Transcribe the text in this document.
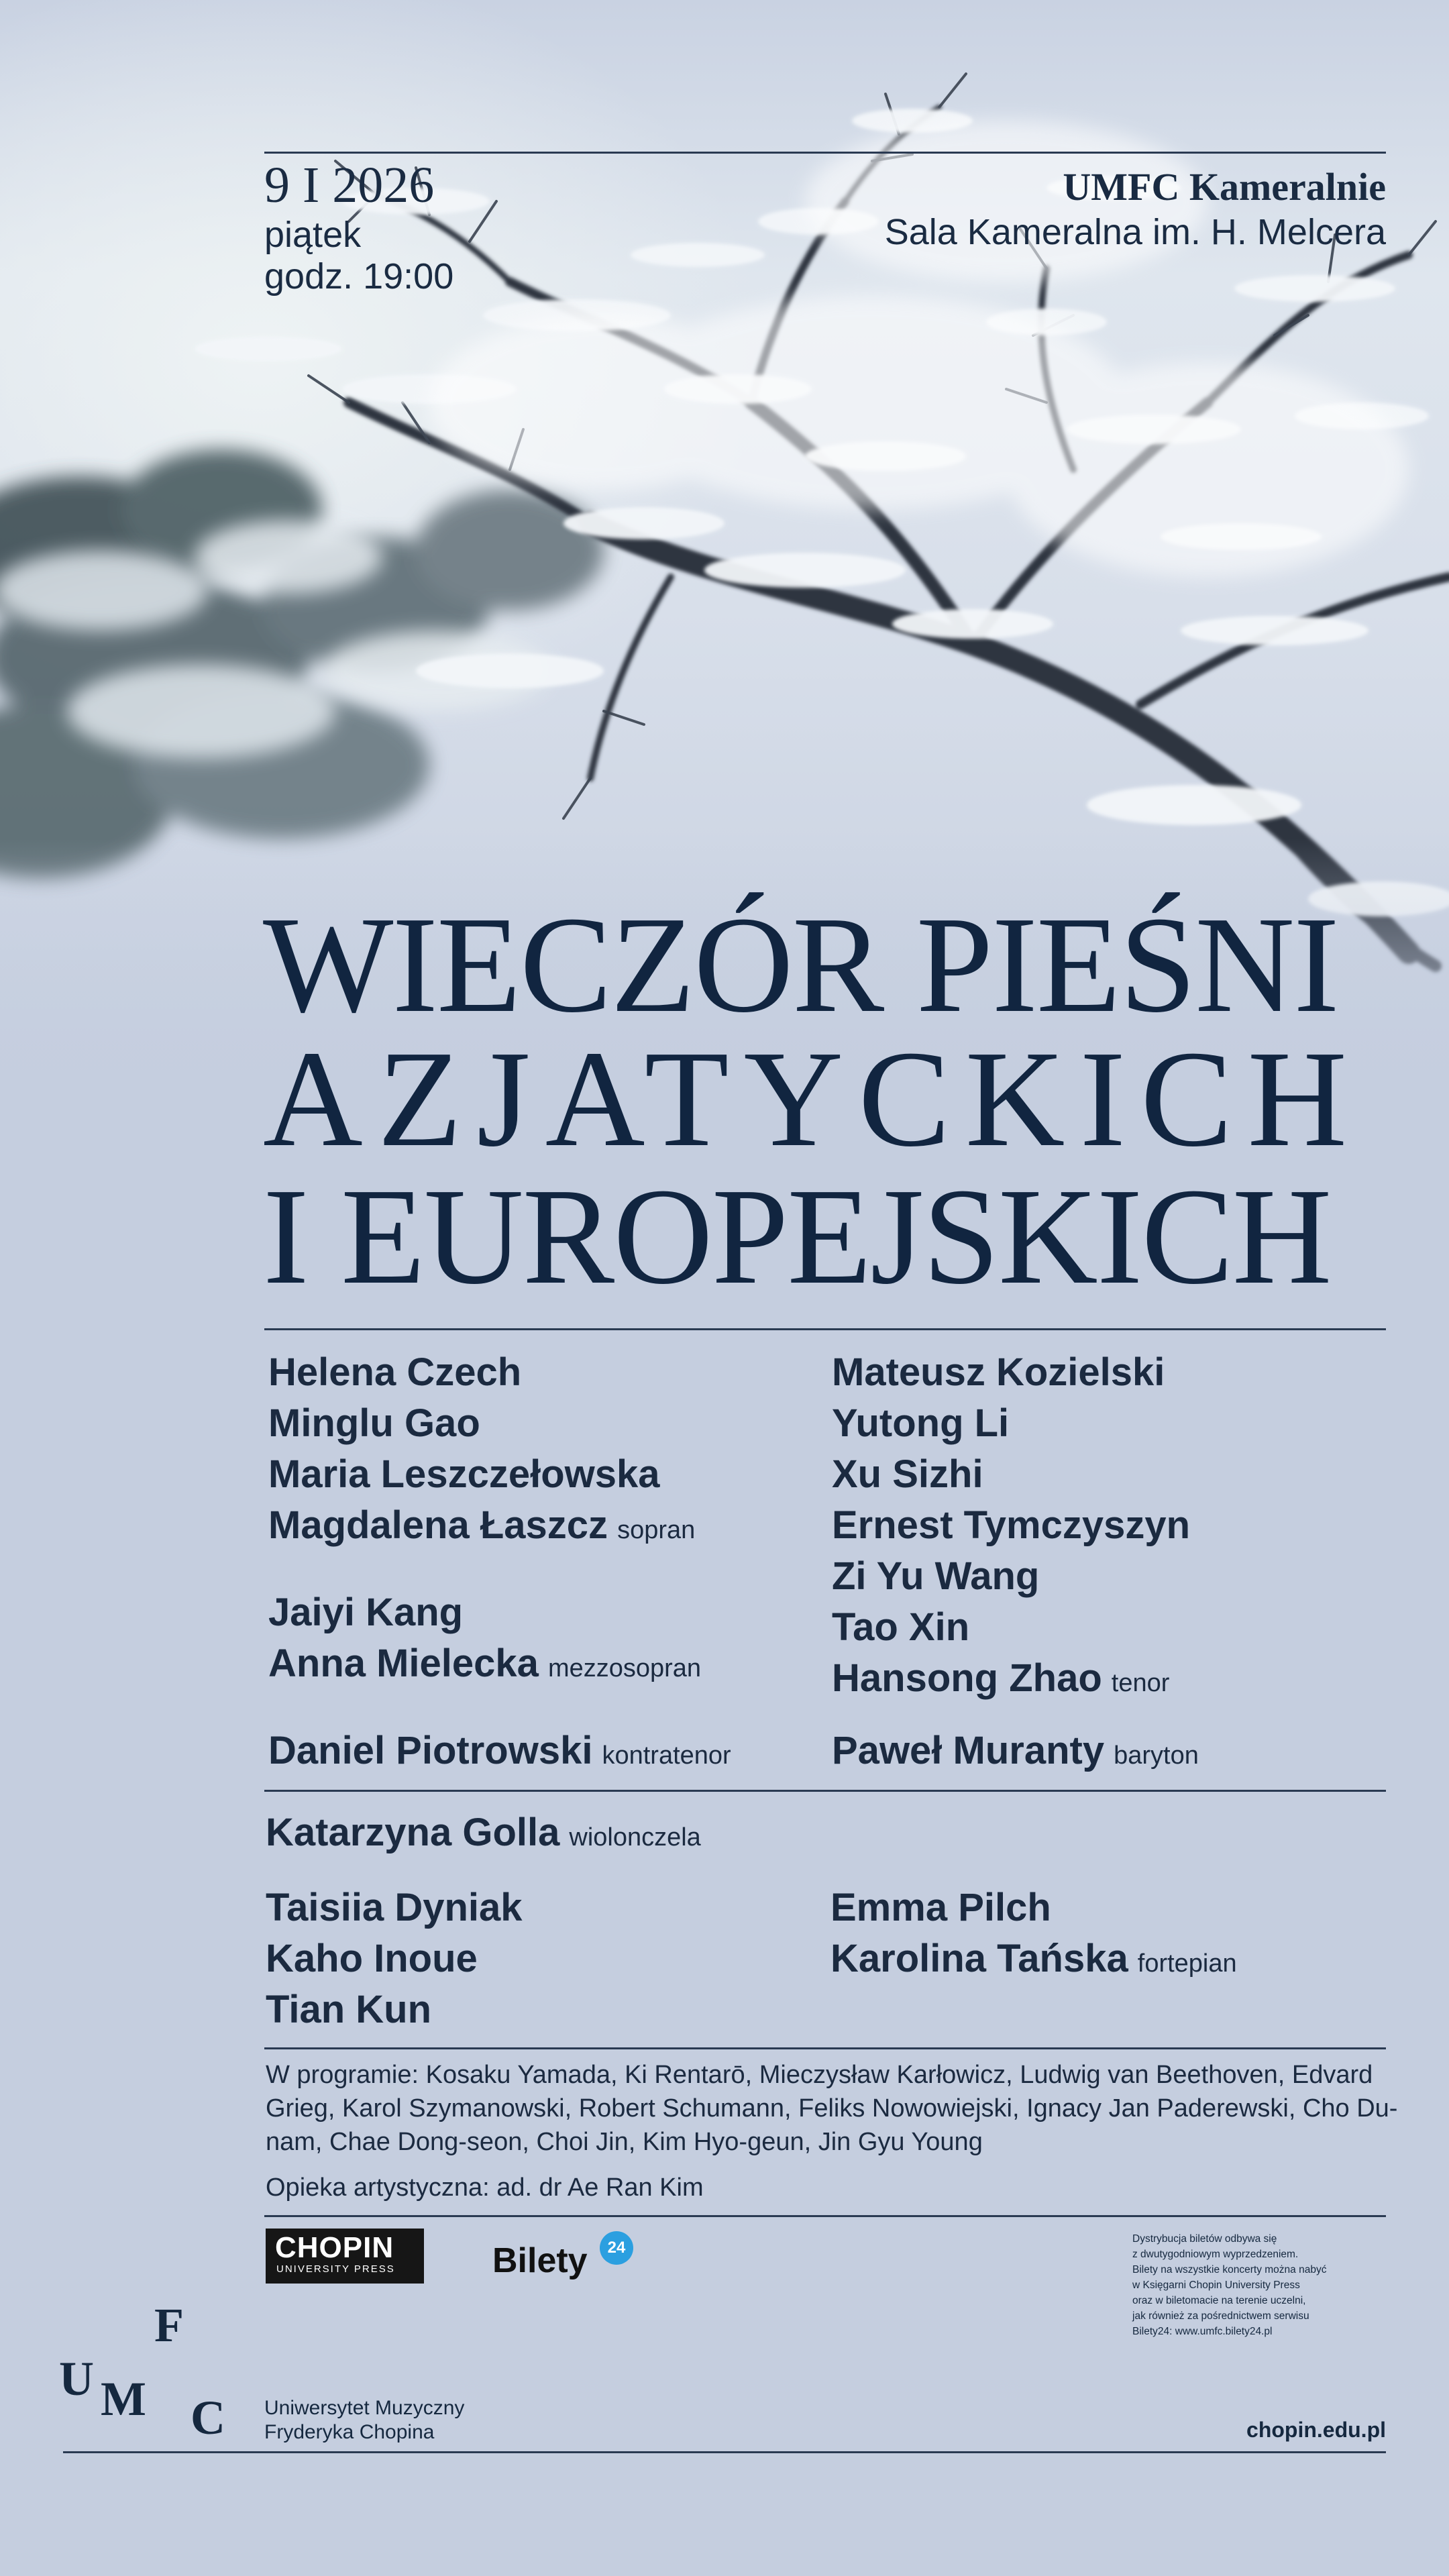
9 I 2026
piątek
godz. 19:00
UMFC Kameralnie
Sala Kameralna im. H. Melcera
WIECZÓR PIEŚNI
AZJATYCKICH
I EUROPEJSKICH
Helena Czech
Minglu Gao
Maria Leszczełowska
Magdalena Łaszcz sopran
Jaiyi Kang
Anna Mielecka mezzosopran
Daniel Piotrowski kontratenor
Mateusz Kozielski
Yutong Li
Xu Sizhi
Ernest Tymczyszyn
Zi Yu Wang
Tao Xin
Hansong Zhao tenor
Paweł Muranty baryton
Katarzyna Golla wiolonczela
Taisiia Dyniak
Kaho Inoue
Tian Kun
Emma Pilch
Karolina Tańska fortepian
W programie: Kosaku Yamada, Ki Rentarō, Mieczysław Karłowicz, Ludwig van Beethoven, Edvard Grieg, Karol Szymanowski, Robert Schumann, Feliks Nowowiejski, Ignacy Jan Paderewski, Cho Du-nam, Chae Dong-seon, Choi Jin, Kim Hyo-geun, Jin Gyu Young
Opieka artystyczna: ad. dr Ae Ran Kim
CHOPIN
UNIVERSITY PRESS	Bilety	24	Dystrybucja biletów odbywa się
z dwutygodniowym wyprzedzeniem.
Bilety na wszystkie koncerty można nabyć
w Księgarni Chopin University Press
oraz w biletomacie na terenie uczelni,
jak również za pośrednictwem serwisu
Bilety24: www.umfc.bilety24.pl
U M
F
C Uniwersytet Muzyczny
Fryderyka Chopina	chopin.edu.pl
